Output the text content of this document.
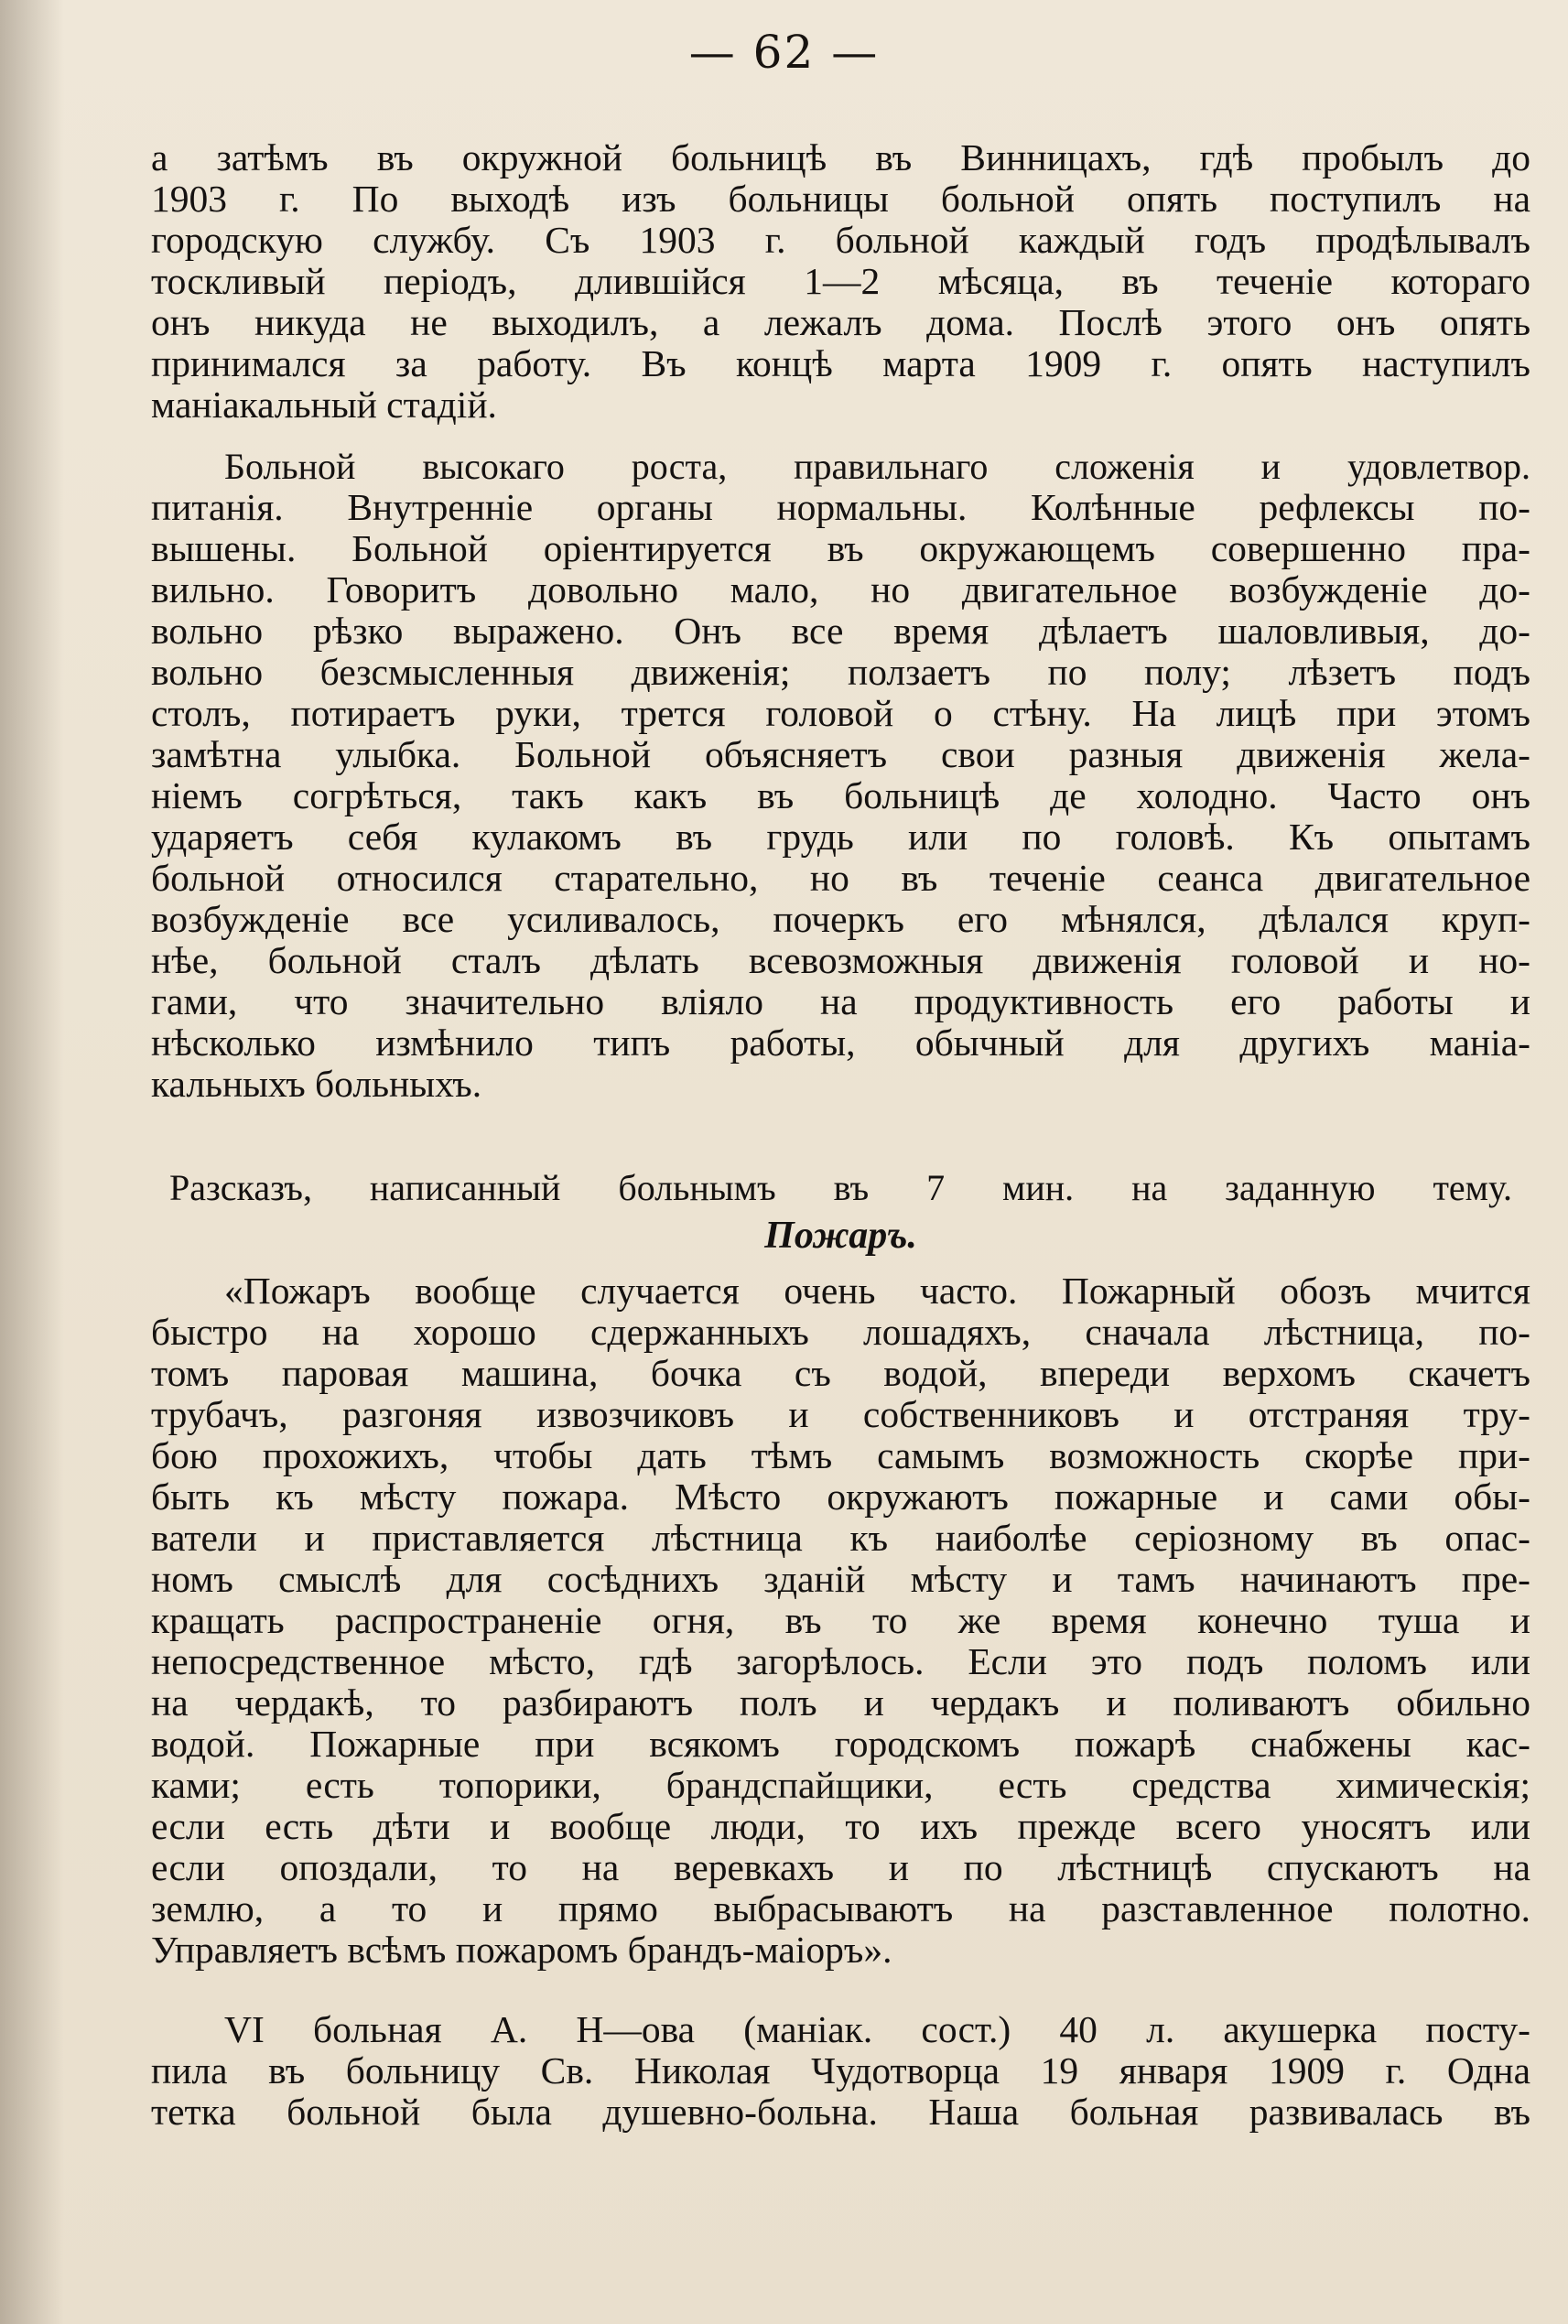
— 62 —
а затѣмъ въ окружной больницѣ въ Винницахъ, гдѣ пробылъ до
1903 г. По выходѣ изъ больницы больной опять поступилъ на
городскую службу. Съ 1903 г. больной каждый годъ продѣлывалъ
тоскливый періодъ, длившійся 1—2 мѣсяца, въ теченіе котораго
онъ никуда не выходилъ, а лежалъ дома. Послѣ этого онъ опять
принимался за работу. Въ концѣ марта 1909 г. опять наступилъ
маніакальный стадій.
Больной высокаго роста, правильнаго сложенія и удовлетвор.
питанія. Внутренніе органы нормальны. Колѣнные рефлексы по-
вышены. Больной оріентируется въ окружающемъ совершенно пра-
вильно. Говоритъ довольно мало, но двигательное возбужденіе до-
вольно рѣзко выражено. Онъ все время дѣлаетъ шаловливыя, до-
вольно безсмысленныя движенія; ползаетъ по полу; лѣзетъ подъ
столъ, потираетъ руки, трется головой о стѣну. На лицѣ при этомъ
замѣтна улыбка. Больной объясняетъ свои разныя движенія жела-
ніемъ согрѣться, такъ какъ въ больницѣ де холодно. Часто онъ
ударяетъ себя кулакомъ въ грудь или по головѣ. Къ опытамъ
больной относился старательно, но въ теченіе сеанса двигательное
возбужденіе все усиливалось, почеркъ его мѣнялся, дѣлался круп-
нѣе, больной сталъ дѣлать всевозможныя движенія головой и но-
гами, что значительно вліяло на продуктивность его работы и
нѣсколько измѣнило типъ работы, обычный для другихъ маніа-
кальныхъ больныхъ.
Разсказъ, написанный больнымъ въ 7 мин. на заданную тему.
Пожаръ.
«Пожаръ вообще случается очень часто. Пожарный обозъ мчится
быстро на хорошо сдержанныхъ лошадяхъ, сначала лѣстница, по-
томъ паровая машина, бочка съ водой, впереди верхомъ скачетъ
трубачъ, разгоняя извозчиковъ и собственниковъ и отстраняя тру-
бою прохожихъ, чтобы дать тѣмъ самымъ возможность скорѣе при-
быть къ мѣсту пожара. Мѣсто окружаютъ пожарные и сами обы-
ватели и приставляется лѣстница къ наиболѣе серіозному въ опас-
номъ смыслѣ для сосѣднихъ зданій мѣсту и тамъ начинаютъ пре-
кращать распространеніе огня, въ то же время конечно туша и
непосредственное мѣсто, гдѣ загорѣлось. Если это подъ поломъ или
на чердакѣ, то разбираютъ полъ и чердакъ и поливаютъ обильно
водой. Пожарные при всякомъ городскомъ пожарѣ снабжены кас-
ками; есть топорики, брандспайщики, есть средства химическія;
если есть дѣти и вообще люди, то ихъ прежде всего уносятъ или
если опоздали, то на веревкахъ и по лѣстницѣ спускаютъ на
землю, а то и прямо выбрасываютъ на разставленное полотно.
Управляетъ всѣмъ пожаромъ брандъ-маіоръ».
VI больная А. Н—ова (маніак. сост.) 40 л. акушерка посту-
пила въ больницу Св. Николая Чудотворца 19 января 1909 г. Одна
тетка больной была душевно-больна. Наша больная развивалась въ
